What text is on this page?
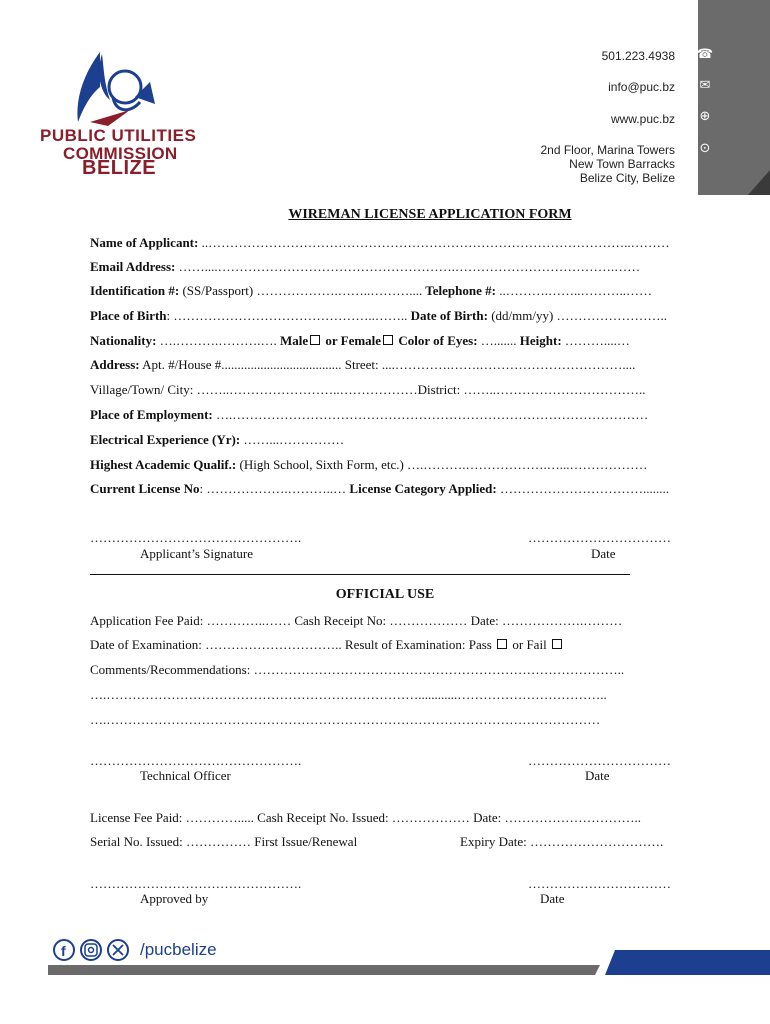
PUBLIC UTILITIES
COMMISSION
BELIZE
501.223.4938
info@puc.bz
www.puc.bz
2nd Floor, Marina Towers
New Town Barracks
Belize City, Belize
☎
✉
⊕
⊙
WIREMAN LICENSE APPLICATION FORM
Name of Applicant: ..……………………………………………………………………………………..………
Email Address: ……....……………………………………………….……………………………….……
Identification #: (SS/Passport) ……………….……..……….... Telephone #: ..……….……..………..……
Place of Birth: ………………………………………..…….. Date of Birth: (dd/mm/yy) ……………………..
Nationality: ….……….……….…. Male or Female Color of Eyes: …....... Height: ………....…
Address: Apt. #/House #..................................... Street: ....………….…….……………………………....
Village/Town/ City: ……..……………………..………………District: ……..……………………………..
Place of Employment: ….……………………………………………………………………………………
Electrical Experience (Yr): ……...……………
Highest Academic Qualif.: (High School, Sixth Form, etc.) ….……….……………….…...………………
Current License No: ……………….………..… License Category Applied: ……………………………........
………………………………………….	……………………………
Applicant’s Signature	Date
OFFICIAL USE
Application Fee Paid: …………..…… Cash Receipt No: ……………… Date: ……………….………
Date of Examination: ………………………….. Result of Examination: Pass  or Fail
Comments/Recommendations: …………………………………………………………………………..
….………………………………………………………………............……………………………..
….……………………………………………………………………………………………………
………………………………………….	……………………………
Technical Officer	Date
License Fee Paid: …………..... Cash Receipt No. Issued: ……………… Date: …………………………..
Serial No. Issued: …………… First Issue/Renewal	Expiry Date: ………………………….
………………………………………….	……………………………
Approved by	Date
f	/pucbelize
